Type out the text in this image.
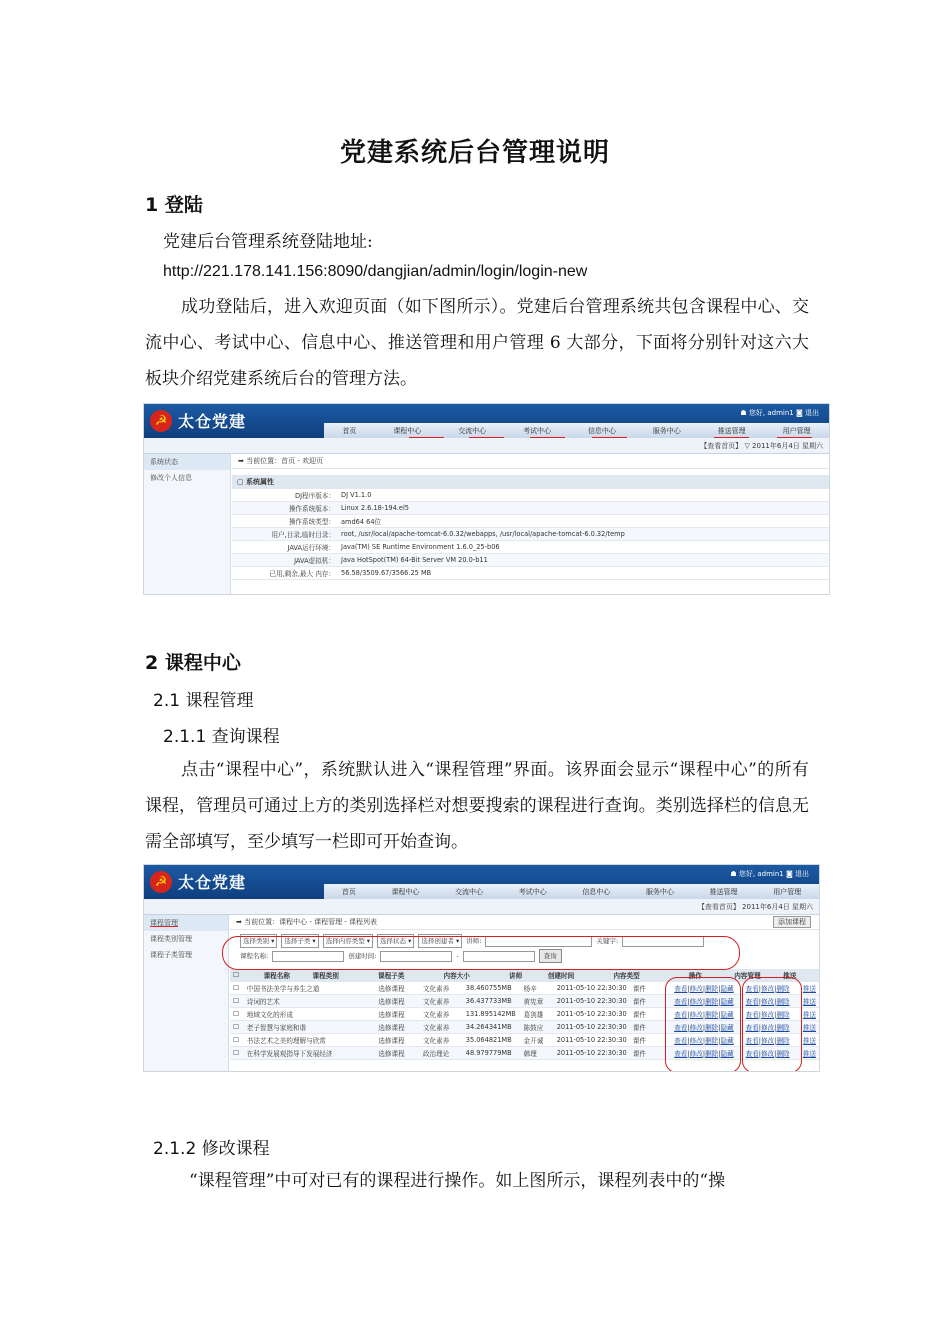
党建系统后台管理说明
1 登陆
党建后台管理系统登陆地址:
http://221.178.141.156:8090/dangjian/admin/login/login-new
成功登陆后，进入欢迎页面（如下图所示）。党建后台管理系统共包含课程中心、交流中心、考试中心、信息中心、推送管理和用户管理 6 大部分，下面将分别针对这六大板块介绍党建系统后台的管理方法。
☭ 太仓党建	☗ 您好, admin1 ◙ 退出
首页	课程中心	交流中心	考试中心	信息中心	服务中心	推送管理	用户管理
【查看首页】 ▽ 2011年6月4日 星期六
系统状态
修改个人信息
➡ 当前位置：首页 - 欢迎页
▢ 系统属性
DJ程序版本：	DJ V1.1.0
操作系统版本：	Linux 2.6.18-194.el5
操作系统类型：	amd64 64位
用户,目录,临时目录：	root, /usr/local/apache-tomcat-6.0.32/webapps, /usr/local/apache-tomcat-6.0.32/temp
JAVA运行环境：	Java(TM) SE Runtime Environment 1.6.0_25-b06
JAVA虚拟机：	Java HotSpot(TM) 64-Bit Server VM 20.0-b11
已用,剩余,最大 内存：	56.58/3509.67/3566.25 MB
2 课程中心
2.1 课程管理
2.1.1 查询课程
点击“课程中心”，系统默认进入“课程管理”界面。该界面会显示“课程中心”的所有课程，管理员可通过上方的类别选择栏对想要搜索的课程进行查询。类别选择栏的信息无需全部填写，至少填写一栏即可开始查询。
☭ 太仓党建	☗ 您好, admin1 ◙ 退出
首页	课程中心	交流中心	考试中心	信息中心	服务中心	推送管理	用户管理
【查看首页】 2011年6月4日 星期六
课程管理
课程类别管理
课程子类管理
➡ 当前位置：课程中心 - 课程管理 - 课程列表	添加课程
选择类别 ▾	选择子类 ▾	选择内容类型 ▾	选择状态 ▾	选择创建者 ▾	讲师:	关键字:
课程名称:	创建时间:	-	查询
☐	课程名称	课程类别	课程子类	内容大小	讲师	创建时间	内容类型	操作	内容管理	推送
☐	中国书法美学与养生之道	选修课程	文化素养	38.460755MB	杨辛	2011-05-10 22:30:30	课件	查看|修改|删除|隐藏	查看|修改|删除	推送
☐	诗词的艺术	选修课程	文化素养	36.437733MB	黄宪章	2011-05-10 22:30:30	课件	查看|修改|删除|隐藏	查看|修改|删除	推送
☐	地域文化的形成	选修课程	文化素养	131.895142MB	葛剑雄	2011-05-10 22:30:30	课件	查看|修改|删除|隐藏	查看|修改|删除	推送
☐	老子智慧与家庭和谐	选修课程	文化素养	34.264341MB	陈鼓应	2011-05-10 22:30:30	课件	查看|修改|删除|隐藏	查看|修改|删除	推送
☐	书法艺术之美的理解与欣赏	选修课程	文化素养	35.064821MB	金开诚	2011-05-10 22:30:30	课件	查看|修改|删除|隐藏	查看|修改|删除	推送
☐	在科学发展观指导下发展经济	选修课程	政治理论	48.979779MB	韩理	2011-05-10 22:30:30	课件	查看|修改|删除|隐藏	查看|修改|删除	推送
2.1.2 修改课程
“课程管理”中可对已有的课程进行操作。如上图所示，课程列表中的“操
